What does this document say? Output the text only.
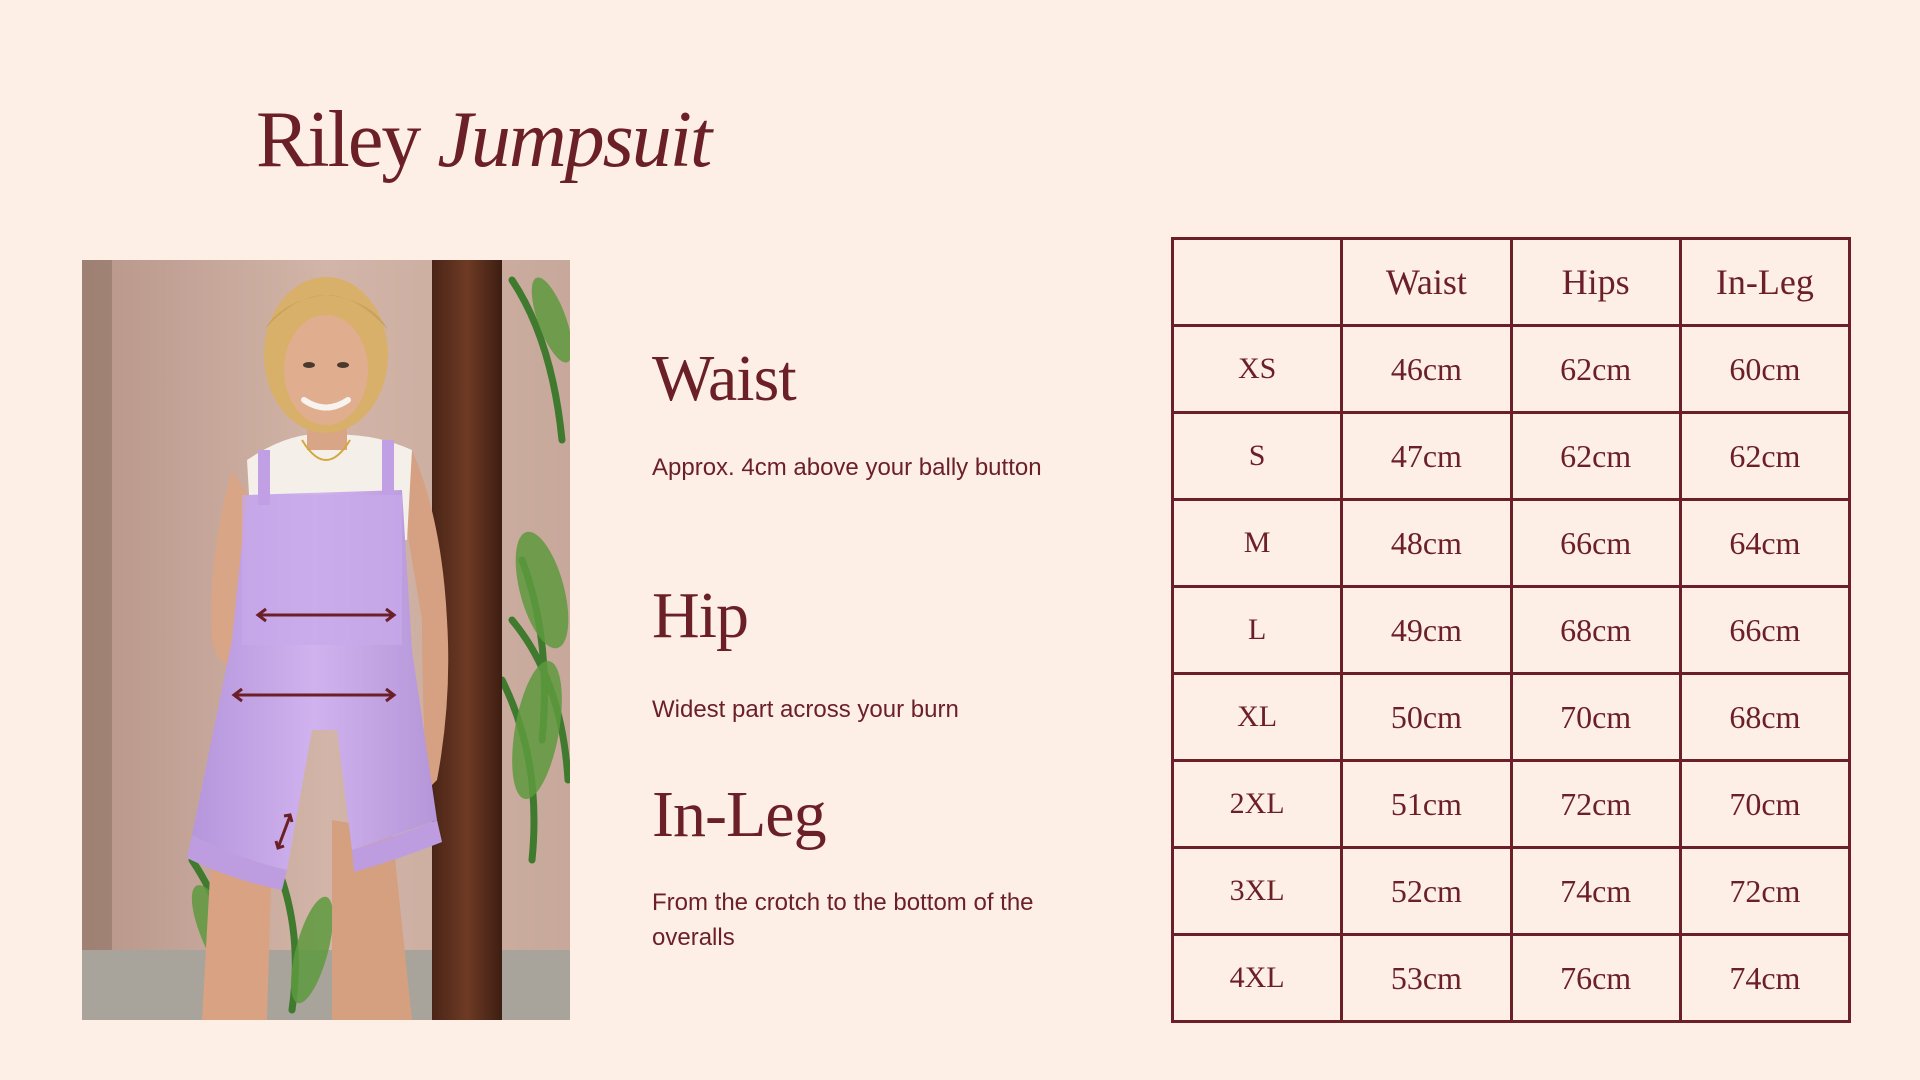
Riley Jumpsuit
Waist
Approx. 4cm above your bally button
Hip
Widest part across your burn
In-Leg
From the crotch to the bottom of the overalls
	Waist	Hips	In-Leg
XS	46cm	62cm	60cm
S	47cm	62cm	62cm
M	48cm	66cm	64cm
L	49cm	68cm	66cm
XL	50cm	70cm	68cm
2XL	51cm	72cm	70cm
3XL	52cm	74cm	72cm
4XL	53cm	76cm	74cm
